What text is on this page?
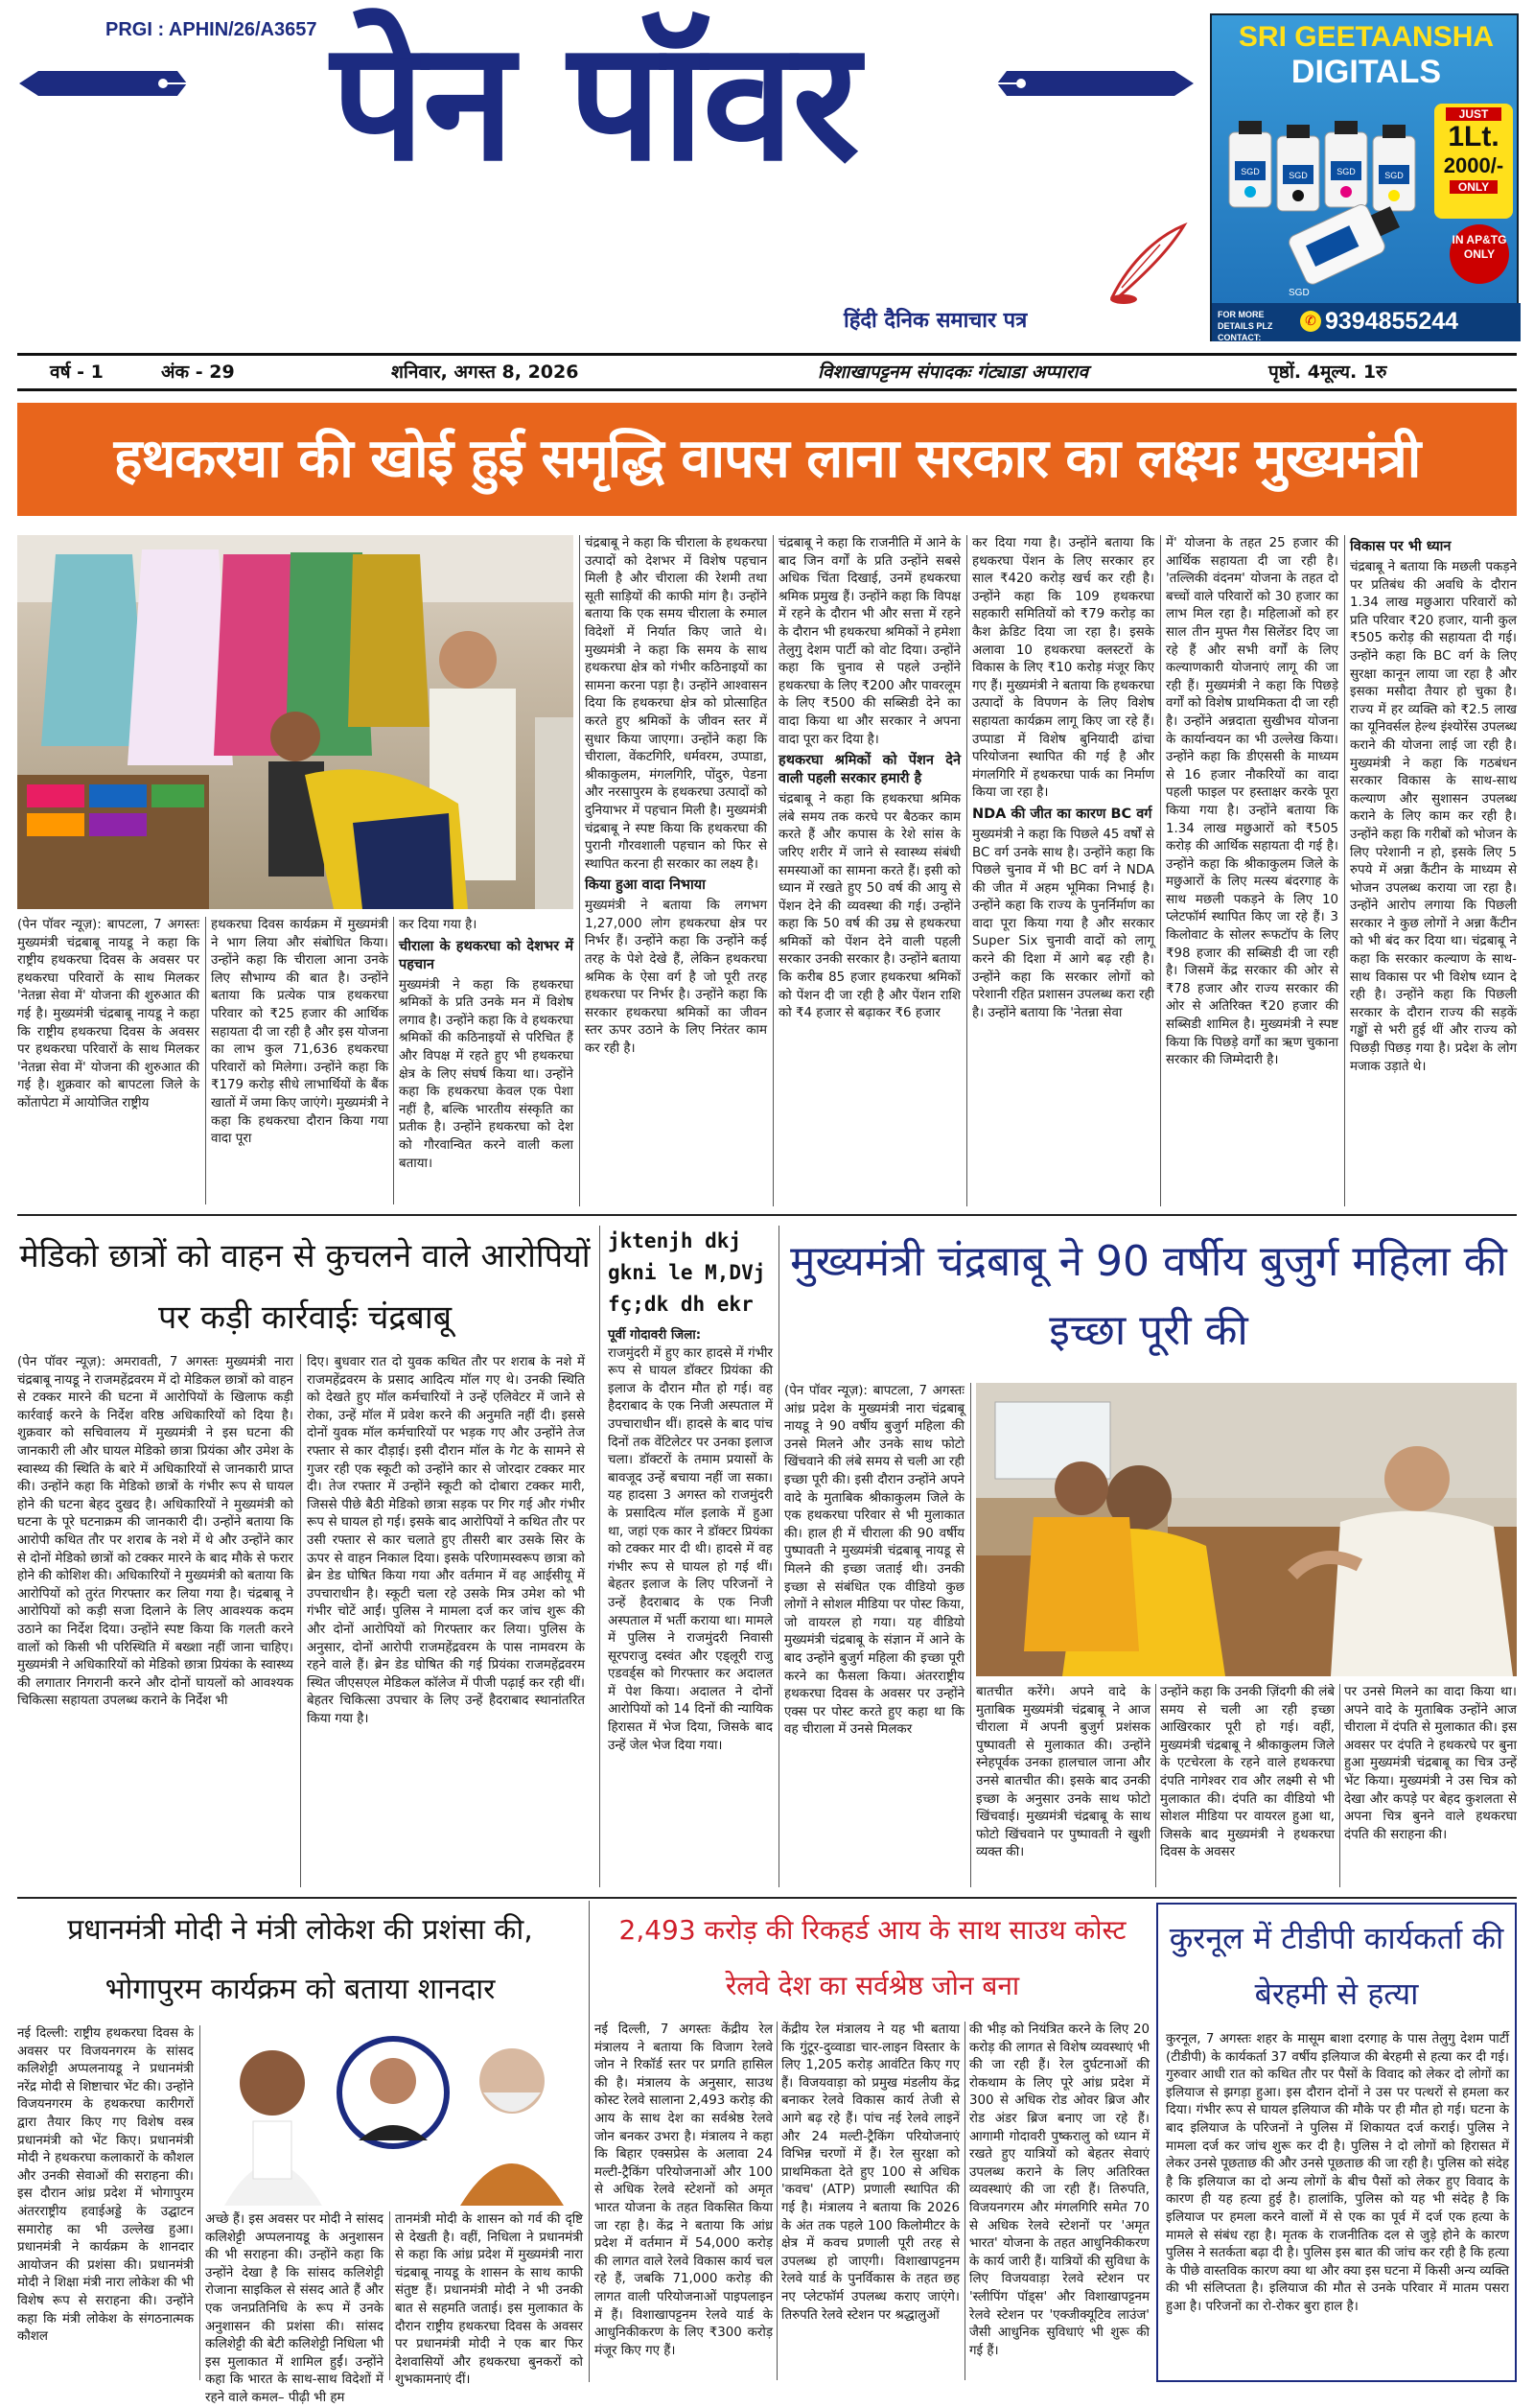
PRGI : APHIN/26/A3657 पेन पॉवर
हिंदी दैनिक समाचार पत्र
SRI GEETAANSHA
DIGITALS
JUST
1Lt.
2000/-
ONLY
IN AP&TG ONLY
SGD	SGD	SGD	SGD
SGD
FOR MORE DETAILS PLZ CONTACT:
✆ 9394855244
वर्ष - 1	अंक - 29	शनिवार, अगस्त 8, 2026	विशाखापट्टनम संपादकः गंट्याडा अप्पाराव	पृष्ठों. 4मूल्य. 1रु
हथकरघा की खोई हुई समृद्धि वापस लाना सरकार का लक्ष्यः मुख्यमंत्री

(पेन पॉवर न्यूज़): बापटला, 7 अगस्तः मुख्यमंत्री चंद्रबाबू नायडू ने कहा कि राष्ट्रीय हथकरघा दिवस के अवसर पर हथकरघा परिवारों के साथ मिलकर 'नेतन्ना सेवा में' योजना की शुरुआत की गई है। मुख्यमंत्री चंद्रबाबू नायडू ने कहा कि राष्ट्रीय हथकरघा दिवस के अवसर पर हथकरघा परिवारों के साथ मिलकर 'नेतन्ना सेवा में' योजना की शुरुआत की गई है। शुक्रवार को बापटला जिले के कोंतापेटा में आयोजित राष्ट्रीय

हथकरघा दिवस कार्यक्रम में मुख्यमंत्री ने भाग लिया और संबोधित किया। उन्होंने कहा कि चीराला आना उनके लिए सौभाग्य की बात है। उन्होंने बताया कि प्रत्येक पात्र हथकरघा परिवार को ₹25 हजार की आर्थिक सहायता दी जा रही है और इस योजना का लाभ कुल 71,636 हथकरघा परिवारों को मिलेगा। उन्होंने कहा कि ₹179 करोड़ सीधे लाभार्थियों के बैंक खातों में जमा किए जाएंगे। मुख्यमंत्री ने कहा कि हथकरघा दौरान किया गया वादा पूरा

कर दिया गया है।

चीराला के हथकरघा को देशभर में पहचान

मुख्यमंत्री ने कहा कि हथकरघा श्रमिकों के प्रति उनके मन में विशेष लगाव है। उन्होंने कहा कि वे हथकरघा श्रमिकों की कठिनाइयों से परिचित हैं और विपक्ष में रहते हुए भी हथकरघा क्षेत्र के लिए संघर्ष किया था। उन्होंने कहा कि हथकरघा केवल एक पेशा नहीं है, बल्कि भारतीय संस्कृति का प्रतीक है। उन्होंने हथकरघा को देश को गौरवान्वित करने वाली कला बताया।

चंद्रबाबू ने कहा कि चीराला के हथकरघा उत्पादों को देशभर में विशेष पहचान मिली है और चीराला की रेशमी तथा सूती साड़ियों की काफी मांग है। उन्होंने बताया कि एक समय चीराला के रुमाल विदेशों में निर्यात किए जाते थे। मुख्यमंत्री ने कहा कि समय के साथ हथकरघा क्षेत्र को गंभीर कठिनाइयों का सामना करना पड़ा है। उन्होंने आश्वासन दिया कि हथकरघा क्षेत्र को प्रोत्साहित करते हुए श्रमिकों के जीवन स्तर में सुधार किया जाएगा। उन्होंने कहा कि चीराला, वेंकटगिरि, धर्मवरम, उप्पाडा, श्रीकाकुलम, मंगलगिरि, पोंदुरु, पेडना और नरसापुरम के हथकरघा उत्पादों को दुनियाभर में पहचान मिली है। मुख्यमंत्री चंद्रबाबू ने स्पष्ट किया कि हथकरघा की पुरानी गौरवशाली पहचान को फिर से स्थापित करना ही सरकार का लक्ष्य है।

किया हुआ वादा निभाया

मुख्यमंत्री ने बताया कि लगभग 1,27,000 लोग हथकरघा क्षेत्र पर निर्भर हैं। उन्होंने कहा कि उन्होंने कई तरह के पेशे देखे हैं, लेकिन हथकरघा श्रमिक के ऐसा वर्ग है जो पूरी तरह हथकरघा पर निर्भर है। उन्होंने कहा कि सरकार हथकरघा श्रमिकों का जीवन स्तर ऊपर उठाने के लिए निरंतर काम कर रही है।

चंद्रबाबू ने कहा कि राजनीति में आने के बाद जिन वर्गों के प्रति उन्होंने सबसे अधिक चिंता दिखाई, उनमें हथकरघा श्रमिक प्रमुख हैं। उन्होंने कहा कि विपक्ष में रहने के दौरान भी और सत्ता में रहने के दौरान भी हथकरघा श्रमिकों ने हमेशा तेलुगु देशम पार्टी को वोट दिया। उन्होंने कहा कि चुनाव से पहले उन्होंने हथकरघा के लिए ₹200 और पावरलूम के लिए ₹500 की सब्सिडी देने का वादा किया था और सरकार ने अपना वादा पूरा कर दिया है।

हथकरघा श्रमिकों को पेंशन देने वाली पहली सरकार हमारी है

चंद्रबाबू ने कहा कि हथकरघा श्रमिक लंबे समय तक करघे पर बैठकर काम करते हैं और कपास के रेशे सांस के जरिए शरीर में जाने से स्वास्थ्य संबंधी समस्याओं का सामना करते हैं। इसी को ध्यान में रखते हुए 50 वर्ष की आयु से पेंशन देने की व्यवस्था की गई। उन्होंने कहा कि 50 वर्ष की उम्र से हथकरघा श्रमिकों को पेंशन देने वाली पहली सरकार उनकी सरकार है। उन्होंने बताया कि करीब 85 हजार हथकरघा श्रमिकों को पेंशन दी जा रही है और पेंशन राशि को ₹4 हजार से बढ़ाकर ₹6 हजार

कर दिया गया है। उन्होंने बताया कि हथकरघा पेंशन के लिए सरकार हर साल ₹420 करोड़ खर्च कर रही है। उन्होंने कहा कि 109 हथकरघा सहकारी समितियों को ₹79 करोड़ का कैश क्रेडिट दिया जा रहा है। इसके अलावा 10 हथकरघा क्लस्टरों के विकास के लिए ₹10 करोड़ मंजूर किए गए हैं। मुख्यमंत्री ने बताया कि हथकरघा उत्पादों के विपणन के लिए विशेष सहायता कार्यक्रम लागू किए जा रहे हैं। उप्पाडा में विशेष बुनियादी ढांचा परियोजना स्थापित की गई है और मंगलगिरि में हथकरघा पार्क का निर्माण किया जा रहा है।

NDA की जीत का कारण BC वर्ग

मुख्यमंत्री ने कहा कि पिछले 45 वर्षों से BC वर्ग उनके साथ है। उन्होंने कहा कि पिछले चुनाव में भी BC वर्ग ने NDA की जीत में अहम भूमिका निभाई है। उन्होंने कहा कि राज्य के पुनर्निर्माण का वादा पूरा किया गया है और सरकार Super Six चुनावी वादों को लागू करने की दिशा में आगे बढ़ रही है। उन्होंने कहा कि सरकार लोगों को परेशानी रहित प्रशासन उपलब्ध करा रही है। उन्होंने बताया कि 'नेतन्ना सेवा

में' योजना के तहत 25 हजार की आर्थिक सहायता दी जा रही है। 'तल्लिकी वंदनम' योजना के तहत दो बच्चों वाले परिवारों को 30 हजार का लाभ मिल रहा है। महिलाओं को हर साल तीन मुफ्त गैस सिलेंडर दिए जा रहे हैं और सभी वर्गों के लिए कल्याणकारी योजनाएं लागू की जा रही हैं। मुख्यमंत्री ने कहा कि पिछड़े वर्गों को विशेष प्राथमिकता दी जा रही है। उन्होंने अन्नदाता सुखीभव योजना के कार्यान्वयन का भी उल्लेख किया। उन्होंने कहा कि डीएससी के माध्यम से 16 हजार नौकरियों का वादा पहली फाइल पर हस्ताक्षर करके पूरा किया गया है। उन्होंने बताया कि 1.34 लाख मछुआरों को ₹505 करोड़ की आर्थिक सहायता दी गई है। उन्होंने कहा कि श्रीकाकुलम जिले के मछुआरों के लिए मत्स्य बंदरगाह के साथ मछली पकड़ने के लिए 10 प्लेटफॉर्म स्थापित किए जा रहे हैं। 3 किलोवाट के सोलर रूफटॉप के लिए ₹98 हजार की सब्सिडी दी जा रही है। जिसमें केंद्र सरकार की ओर से ₹78 हजार और राज्य सरकार की ओर से अतिरिक्त ₹20 हजार की सब्सिडी शामिल है। मुख्यमंत्री ने स्पष्ट किया कि पिछड़े वर्गों का ऋण चुकाना सरकार की जिम्मेदारी है।

विकास पर भी ध्यान

चंद्रबाबू ने बताया कि मछली पकड़ने पर प्रतिबंध की अवधि के दौरान 1.34 लाख मछुआरा परिवारों को प्रति परिवार ₹20 हजार, यानी कुल ₹505 करोड़ की सहायता दी गई। उन्होंने कहा कि BC वर्ग के लिए सुरक्षा कानून लाया जा रहा है और इसका मसौदा तैयार हो चुका है। राज्य में हर व्यक्ति को ₹2.5 लाख का यूनिवर्सल हेल्थ इंश्योरेंस उपलब्ध कराने की योजना लाई जा रही है। मुख्यमंत्री ने कहा कि गठबंधन सरकार विकास के साथ-साथ कल्याण और सुशासन उपलब्ध कराने के लिए काम कर रही है। उन्होंने कहा कि गरीबों को भोजन के लिए परेशानी न हो, इसके लिए 5 रुपये में अन्ना कैंटीन के माध्यम से भोजन उपलब्ध कराया जा रहा है। उन्होंने आरोप लगाया कि पिछली सरकार ने कुछ लोगों ने अन्ना कैंटीन को भी बंद कर दिया था। चंद्रबाबू ने कहा कि सरकार कल्याण के साथ-साथ विकास पर भी विशेष ध्यान दे रही है। उन्होंने कहा कि पिछली सरकार के दौरान राज्य की सड़कें गड्ढों से भरी हुई थीं और राज्य को पिछड़ी पिछड़ गया है। प्रदेश के लोग मजाक उड़ाते थे।

मेडिको छात्रों को वाहन से कुचलने वाले आरोपियों पर कड़ी कार्रवाईः चंद्रबाबू

(पेन पॉवर न्यूज़): अमरावती, 7 अगस्तः मुख्यमंत्री नारा चंद्रबाबू नायडू ने राजमहेंद्रवरम में दो मेडिकल छात्रों को वाहन से टक्कर मारने की घटना में आरोपियों के खिलाफ कड़ी कार्रवाई करने के निर्देश वरिष्ठ अधिकारियों को दिया है। शुक्रवार को सचिवालय में मुख्यमंत्री ने इस घटना की जानकारी ली और घायल मेडिको छात्रा प्रियंका और उमेश के स्वास्थ्य की स्थिति के बारे में अधिकारियों से जानकारी प्राप्त की। उन्होंने कहा कि मेडिको छात्रों के गंभीर रूप से घायल होने की घटना बेहद दुखद है। अधिकारियों ने मुख्यमंत्री को घटना के पूरे घटनाक्रम की जानकारी दी। उन्होंने बताया कि आरोपी कथित तौर पर शराब के नशे में थे और उन्होंने कार से दोनों मेडिको छात्रों को टक्कर मारने के बाद मौके से फरार होने की कोशिश की। अधिकारियों ने मुख्यमंत्री को बताया कि आरोपियों को तुरंत गिरफ्तार कर लिया गया है। चंद्रबाबू ने आरोपियों को कड़ी सजा दिलाने के लिए आवश्यक कदम उठाने का निर्देश दिया। उन्होंने स्पष्ट किया कि गलती करने वालों को किसी भी परिस्थिति में बख्शा नहीं जाना चाहिए। मुख्यमंत्री ने अधिकारियों को मेडिको छात्रा प्रियंका के स्वास्थ्य की लगातार निगरानी करने और दोनों घायलों को आवश्यक चिकित्सा सहायता उपलब्ध कराने के निर्देश भी

दिए। बुधवार रात दो युवक कथित तौर पर शराब के नशे में राजमहेंद्रवरम के प्रसाद आदित्य मॉल गए थे। उनकी स्थिति को देखते हुए मॉल कर्मचारियों ने उन्हें एलिवेटर में जाने से रोका, उन्हें मॉल में प्रवेश करने की अनुमति नहीं दी। इससे दोनों युवक मॉल कर्मचारियों पर भड़क गए और उन्होंने तेज रफ्तार से कार दौड़ाई। इसी दौरान मॉल के गेट के सामने से गुजर रही एक स्कूटी को उन्होंने कार से जोरदार टक्कर मार दी। तेज रफ्तार में उन्होंने स्कूटी को दोबारा टक्कर मारी, जिससे पीछे बैठी मेडिको छात्रा सड़क पर गिर गई और गंभीर रूप से घायल हो गई। इसके बाद आरोपियों ने कथित तौर पर उसी रफ्तार से कार चलाते हुए तीसरी बार उसके सिर के ऊपर से वाहन निकाल दिया। इसके परिणामस्वरूप छात्रा को ब्रेन डेड घोषित किया गया और वर्तमान में वह आईसीयू में उपचाराधीन है। स्कूटी चला रहे उसके मित्र उमेश को भी गंभीर चोटें आईं। पुलिस ने मामला दर्ज कर जांच शुरू की और दोनों आरोपियों को गिरफ्तार कर लिया। पुलिस के अनुसार, दोनों आरोपी राजमहेंद्रवरम के पास नामवरम के रहने वाले हैं। ब्रेन डेड घोषित की गई प्रियंका राजमहेंद्रवरम स्थित जीएसएल मेडिकल कॉलेज में पीजी पढ़ाई कर रही थीं। बेहतर चिकित्सा उपचार के लिए उन्हें हैदराबाद स्थानांतरित किया गया है।

jktenjh dkj gkni le M,DVj fç;dk dh ekr
पूर्वी गोदावरी जिला:

राजमुंदरी में हुए कार हादसे में गंभीर रूप से घायल डॉक्टर प्रियंका की इलाज के दौरान मौत हो गई। वह हैदराबाद के एक निजी अस्पताल में उपचाराधीन थीं। हादसे के बाद पांच दिनों तक वेंटिलेटर पर उनका इलाज चला। डॉक्टरों के तमाम प्रयासों के बावजूद उन्हें बचाया नहीं जा सका। यह हादसा 3 अगस्त को राजमुंदरी के प्रसादित्य मॉल इलाके में हुआ था, जहां एक कार ने डॉक्टर प्रियंका को टक्कर मार दी थी। हादसे में वह गंभीर रूप से घायल हो गई थीं। बेहतर इलाज के लिए परिजनों ने उन्हें हैदराबाद के एक निजी अस्पताल में भर्ती कराया था। मामले में पुलिस ने राजमुंदरी निवासी सूरपराजु दस्वंत और एड्लूरी राजु एडवर्ड्स को गिरफ्तार कर अदालत में पेश किया। अदालत ने दोनों आरोपियों को 14 दिनों की न्यायिक हिरासत में भेज दिया, जिसके बाद उन्हें जेल भेज दिया गया।

मुख्यमंत्री चंद्रबाबू ने 90 वर्षीय बुजुर्ग महिला की इच्छा पूरी की

(पेन पॉवर न्यूज़): बापटला, 7 अगस्तः आंध्र प्रदेश के मुख्यमंत्री नारा चंद्रबाबू नायडू ने 90 वर्षीय बुजुर्ग महिला की उनसे मिलने और उनके साथ फोटो खिंचवाने की लंबे समय से चली आ रही इच्छा पूरी की। इसी दौरान उन्होंने अपने वादे के मुताबिक श्रीकाकुलम जिले के एक हथकरघा परिवार से भी मुलाकात की। हाल ही में चीराला की 90 वर्षीय पुष्पावती ने मुख्यमंत्री चंद्रबाबू नायडू से मिलने की इच्छा जताई थी। उनकी इच्छा से संबंधित एक वीडियो कुछ लोगों ने सोशल मीडिया पर पोस्ट किया, जो वायरल हो गया। यह वीडियो मुख्यमंत्री चंद्रबाबू के संज्ञान में आने के बाद उन्होंने बुजुर्ग महिला की इच्छा पूरी करने का फैसला किया। अंतरराष्ट्रीय हथकरघा दिवस के अवसर पर उन्होंने एक्स पर पोस्ट करते हुए कहा था कि वह चीराला में उनसे मिलकर

बातचीत करेंगे। अपने वादे के मुताबिक मुख्यमंत्री चंद्रबाबू ने आज चीराला में अपनी बुजुर्ग प्रशंसक पुष्पावती से मुलाकात की। उन्होंने स्नेहपूर्वक उनका हालचाल जाना और उनसे बातचीत की। इसके बाद उनकी इच्छा के अनुसार उनके साथ फोटो खिंचवाई। मुख्यमंत्री चंद्रबाबू के साथ फोटो खिंचवाने पर पुष्पावती ने खुशी व्यक्त की।

उन्होंने कहा कि उनकी ज़िंदगी की लंबे समय से चली आ रही इच्छा आखिरकार पूरी हो गई। वहीं, मुख्यमंत्री चंद्रबाबू ने श्रीकाकुलम जिले के एटचेरला के रहने वाले हथकरघा दंपति नागेश्वर राव और लक्ष्मी से भी मुलाकात की। दंपति का वीडियो भी सोशल मीडिया पर वायरल हुआ था, जिसके बाद मुख्यमंत्री ने हथकरघा दिवस के अवसर

पर उनसे मिलने का वादा किया था। अपने वादे के मुताबिक उन्होंने आज चीराला में दंपति से मुलाकात की। इस अवसर पर दंपति ने हथकरघे पर बुना हुआ मुख्यमंत्री चंद्रबाबू का चित्र उन्हें भेंट किया। मुख्यमंत्री ने उस चित्र को देखा और कपड़े पर बेहद कुशलता से अपना चित्र बुनने वाले हथकरघा दंपति की सराहना की।

प्रधानमंत्री मोदी ने मंत्री लोकेश की प्रशंसा की, भोगापुरम कार्यक्रम को बताया शानदार

नई दिल्ली: राष्ट्रीय हथकरघा दिवस के अवसर पर विजयनगरम के सांसद कलिशेट्टी अप्पलनायडू ने प्रधानमंत्री नरेंद्र मोदी से शिष्टाचार भेंट की। उन्होंने विजयनगरम के हथकरघा कारीगरों द्वारा तैयार किए गए विशेष वस्त्र प्रधानमंत्री को भेंट किए। प्रधानमंत्री मोदी ने हथकरघा कलाकारों के कौशल और उनकी सेवाओं की सराहना की। इस दौरान आंध्र प्रदेश में भोगापुरम अंतरराष्ट्रीय हवाईअड्डे के उद्घाटन समारोह का भी उल्लेख हुआ। प्रधानमंत्री ने कार्यक्रम के शानदार आयोजन की प्रशंसा की। प्रधानमंत्री मोदी ने शिक्षा मंत्री नारा लोकेश की भी विशेष रूप से सराहना की। उन्होंने कहा कि मंत्री लोकेश के संगठनात्मक कौशल

अच्छे हैं। इस अवसर पर मोदी ने सांसद कलिशेट्टी अप्पलनायडू के अनुशासन की भी सराहना की। उन्होंने कहा कि उन्होंने देखा है कि सांसद कलिशेट्टी रोजाना साइकिल से संसद आते हैं और एक जनप्रतिनिधि के रूप में उनके अनुशासन की प्रशंसा की। सांसद कलिशेट्टी की बेटी कलिशेट्टी निधिला भी इस मुलाकात में शामिल हुईं। उन्होंने कहा कि भारत के साथ-साथ विदेशों में रहने वाले कमल– पीढ़ी भी हम

तानमंत्री मोदी के शासन को गर्व की दृष्टि से देखती है। वहीं, निधिला ने प्रधानमंत्री से कहा कि आंध्र प्रदेश में मुख्यमंत्री नारा चंद्रबाबू नायडू के शासन के साथ काफी संतुष्ट हैं। प्रधानमंत्री मोदी ने भी उनकी बात से सहमति जताई। इस मुलाकात के दौरान राष्ट्रीय हथकरघा दिवस के अवसर पर प्रधानमंत्री मोदी ने एक बार फिर देशवासियों और हथकरघा बुनकरों को शुभकामनाएं दीं।

2,493 करोड़ की रिकहर्ड आय के साथ साउथ कोस्ट रेलवे देश का सर्वश्रेष्ठ जोन बना

नई दिल्ली, 7 अगस्तः केंद्रीय रेल मंत्रालय ने बताया कि विजाग रेलवे जोन ने रिकॉर्ड स्तर पर प्रगति हासिल की है। मंत्रालय के अनुसार, साउथ कोस्ट रेलवे सालाना 2,493 करोड़ की आय के साथ देश का सर्वश्रेष्ठ रेलवे जोन बनकर उभरा है। मंत्रालय ने कहा कि बिहार एक्सप्रेस के अलावा 24 मल्टी-ट्रैकिंग परियोजनाओं और 100 से अधिक रेलवे स्टेशनों को अमृत भारत योजना के तहत विकसित किया जा रहा है। केंद्र ने बताया कि आंध्र प्रदेश में वर्तमान में 54,000 करोड़ की लागत वाले रेलवे विकास कार्य चल रहे हैं, जबकि 71,000 करोड़ की लागत वाली परियोजनाओं पाइपलाइन में हैं। विशाखापट्टनम रेलवे यार्ड के आधुनिकीकरण के लिए ₹300 करोड़ मंजूर किए गए हैं।

केंद्रीय रेल मंत्रालय ने यह भी बताया कि गुंटूर-दुव्वाडा चार-लाइन विस्तार के लिए 1,205 करोड़ आवंटित किए गए हैं। विजयवाड़ा को प्रमुख मंडलीय केंद्र बनाकर रेलवे विकास कार्य तेजी से आगे बढ़ रहे हैं। पांच नई रेलवे लाइनें और 24 मल्टी-ट्रैकिंग परियोजनाएं विभिन्न चरणों में हैं। रेल सुरक्षा को प्राथमिकता देते हुए 100 से अधिक 'कवच' (ATP) प्रणाली स्थापित की गई है। मंत्रालय ने बताया कि 2026 के अंत तक पहले 100 किलोमीटर के क्षेत्र में कवच प्रणाली पूरी तरह से उपलब्ध हो जाएगी। विशाखापट्टनम रेलवे यार्ड के पुनर्विकास के तहत छह नए प्लेटफॉर्म उपलब्ध कराए जाएंगे। तिरुपति रेलवे स्टेशन पर श्रद्धालुओं

की भीड़ को नियंत्रित करने के लिए 20 करोड़ की लागत से विशेष व्यवस्थाएं भी की जा रही हैं। रेल दुर्घटनाओं की रोकथाम के लिए पूरे आंध्र प्रदेश में 300 से अधिक रोड ओवर ब्रिज और रोड अंडर ब्रिज बनाए जा रहे हैं। आगामी गोदावरी पुष्करालु को ध्यान में रखते हुए यात्रियों को बेहतर सेवाएं उपलब्ध कराने के लिए अतिरिक्त व्यवस्थाएं की जा रही हैं। तिरुपति, विजयनगरम और मंगलगिरि समेत 70 से अधिक रेलवे स्टेशनों पर 'अमृत भारत' योजना के तहत आधुनिकीकरण के कार्य जारी हैं। यात्रियों की सुविधा के लिए विजयवाड़ा रेलवे स्टेशन पर 'स्लीपिंग पॉड्स' और विशाखापट्टनम रेलवे स्टेशन पर 'एक्जीक्यूटिव लाउंज' जैसी आधुनिक सुविधाएं भी शुरू की गई हैं।

कुरनूल में टीडीपी कार्यकर्ता की बेरहमी से हत्या

कुरनूल, 7 अगस्तः शहर के मासूम बाशा दरगाह के पास तेलुगु देशम पार्टी (टीडीपी) के कार्यकर्ता 37 वर्षीय इलियाज की बेरहमी से हत्या कर दी गई। गुरुवार आधी रात को कथित तौर पर पैसों के विवाद को लेकर दो लोगों का इलियाज से झगड़ा हुआ। इस दौरान दोनों ने उस पर पत्थरों से हमला कर दिया। गंभीर रूप से घायल इलियाज की मौके पर ही मौत हो गई। घटना के बाद इलियाज के परिजनों ने पुलिस में शिकायत दर्ज कराई। पुलिस ने मामला दर्ज कर जांच शुरू कर दी है। पुलिस ने दो लोगों को हिरासत में लेकर उनसे पूछताछ की और उनसे पूछताछ की जा रही है। पुलिस को संदेह है कि इलियाज का दो अन्य लोगों के बीच पैसों को लेकर हुए विवाद के कारण ही यह हत्या हुई है। हालांकि, पुलिस को यह भी संदेह है कि इलियाज पर हमला करने वालों में से एक का पूर्व में दर्ज एक हत्या के मामले से संबंध रहा है। मृतक के राजनीतिक दल से जुड़े होने के कारण पुलिस ने सतर्कता बढ़ा दी है। पुलिस इस बात की जांच कर रही है कि हत्या के पीछे वास्तविक कारण क्या था और क्या इस घटना में किसी अन्य व्यक्ति की भी संलिप्तता है। इलियाज की मौत से उनके परिवार में मातम पसरा हुआ है। परिजनों का रो-रोकर बुरा हाल है।
